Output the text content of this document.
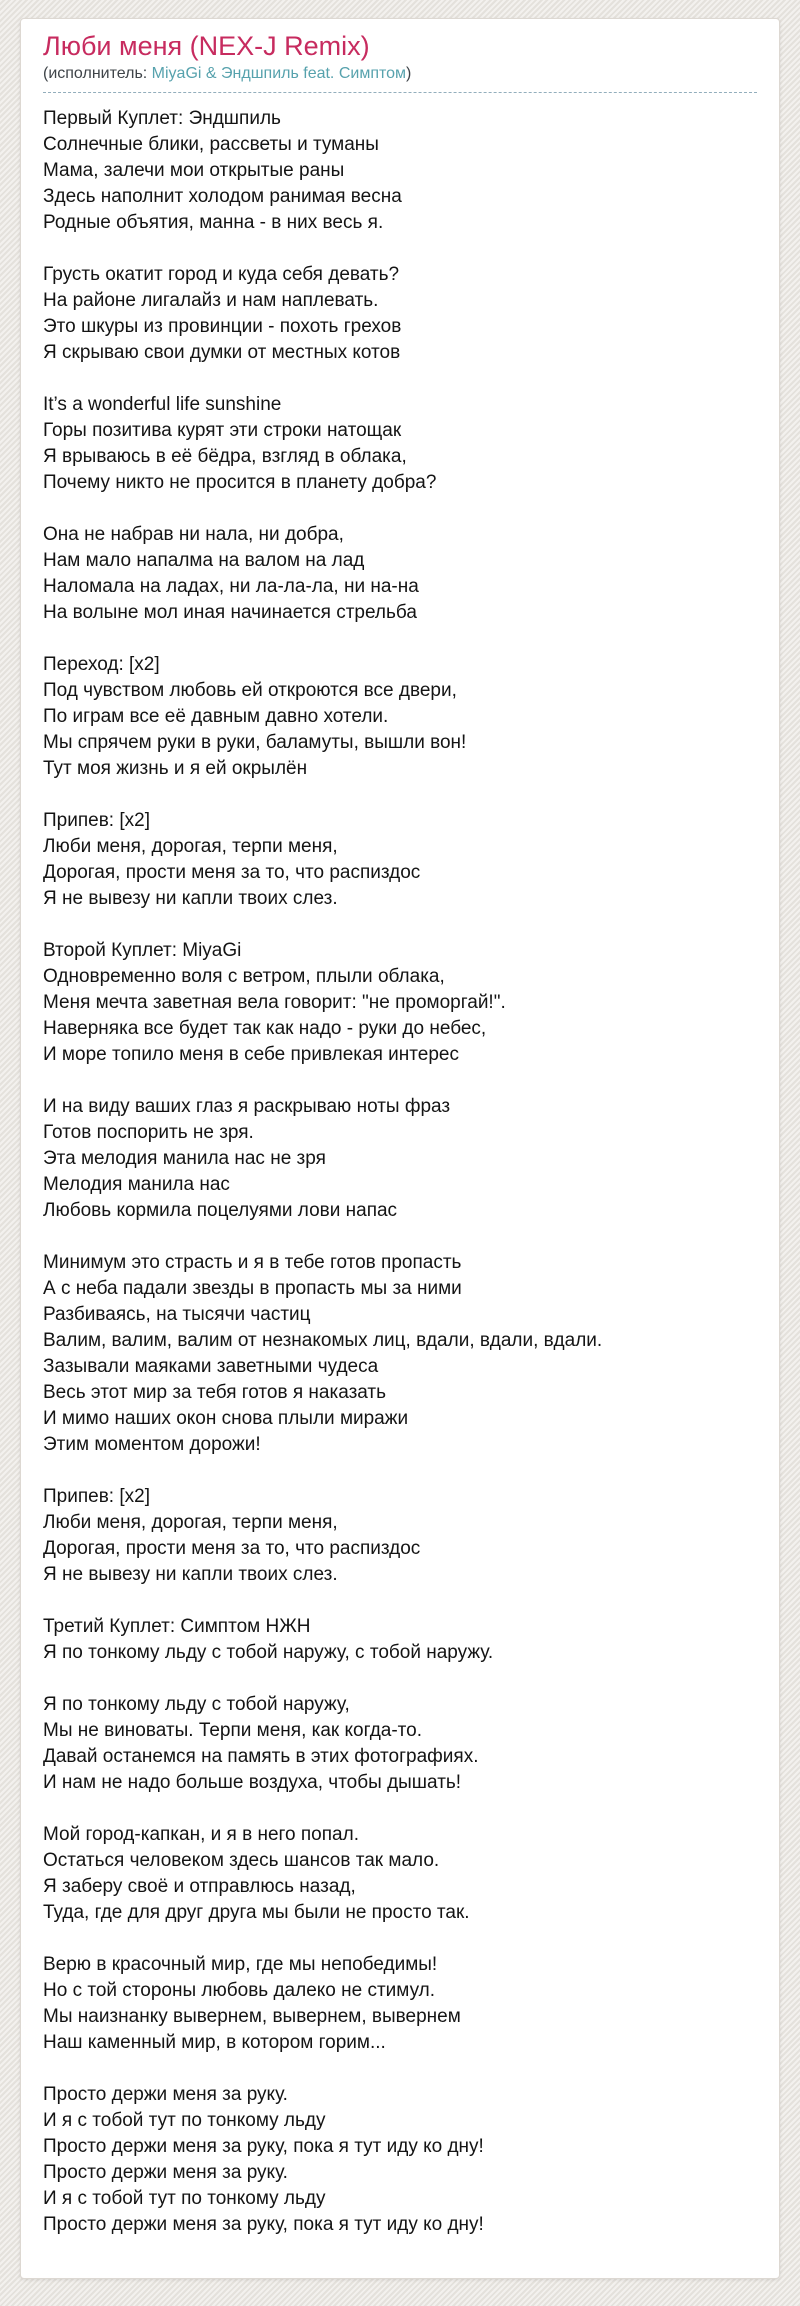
Люби меня (NEX-J Remix)
(исполнитель: MiyaGi & Эндшпиль feat. Симптом)

Первый Куплет: Эндшпиль
Солнечные блики, рассветы и туманы
Мама, залечи мои открытые раны
Здесь наполнит холодом ранимая весна
Родные объятия, манна - в них весь я.

Грусть окатит город и куда себя девать?
На районе лигалайз и нам наплевать.
Это шкуры из провинции - похоть грехов
Я скрываю свои думки от местных котов

It’s a wonderful life sunshine
Горы позитива курят эти строки натощак
Я врываюсь в её бёдра, взгляд в облака,
Почему никто не просится в планету добра?

Она не набрав ни нала, ни добра,
Нам мало напалма на валом на лад
Наломала на ладах, ни ла-ла-ла, ни на-на
На волыне мол иная начинается стрельба

Переход: [x2]
Под чувством любовь ей откроются все двери,
По играм все её давным давно хотели.
Мы спрячем руки в руки, баламуты, вышли вон!
Тут моя жизнь и я ей окрылён

Припев: [x2]
Люби меня, дорогая, терпи меня,
Дорогая, прости меня за то, что распиздос
Я не вывезу ни капли твоих слез.

Второй Куплет: MiyaGi
Одновременно воля с ветром, плыли облака,
Меня мечта заветная вела говорит: "не проморгай!".
Наверняка все будет так как надо - руки до небес,
И море топило меня в себе привлекая интерес

И на виду ваших глаз я раскрываю ноты фраз
Готов поспорить не зря.
Эта мелодия манила нас не зря
Мелодия манила нас
Любовь кормила поцелуями лови напас

Минимум это страсть и я в тебе готов пропасть
А с неба падали звезды в пропасть мы за ними
Разбиваясь, на тысячи частиц
Валим, валим, валим от незнакомых лиц, вдали, вдали, вдали.
Зазывали маяками заветными чудеса
Весь этот мир за тебя готов я наказать
И мимо наших окон снова плыли миражи
Этим моментом дорожи!

Припев: [x2]
Люби меня, дорогая, терпи меня,
Дорогая, прости меня за то, что распиздос
Я не вывезу ни капли твоих слез.

Третий Куплет: Симптом НЖН
Я по тонкому льду с тобой наружу, с тобой наружу.

Я по тонкому льду с тобой наружу,
Мы не виноваты. Терпи меня, как когда-то.
Давай останемся на память в этих фотографиях.
И нам не надо больше воздуха, чтобы дышать!

Мой город-капкан, и я в него попал.
Остаться человеком здесь шансов так мало.
Я заберу своё и отправлюсь назад,
Туда, где для друг друга мы были не просто так.

Верю в красочный мир, где мы непобедимы!
Но с той стороны любовь далеко не стимул.
Мы наизнанку вывернем, вывернем, вывернем
Наш каменный мир, в котором горим...

Просто держи меня за руку.
И я с тобой тут по тонкому льду
Просто держи меня за руку, пока я тут иду ко дну!
Просто держи меня за руку.
И я с тобой тут по тонкому льду
Просто держи меня за руку, пока я тут иду ко дну!
